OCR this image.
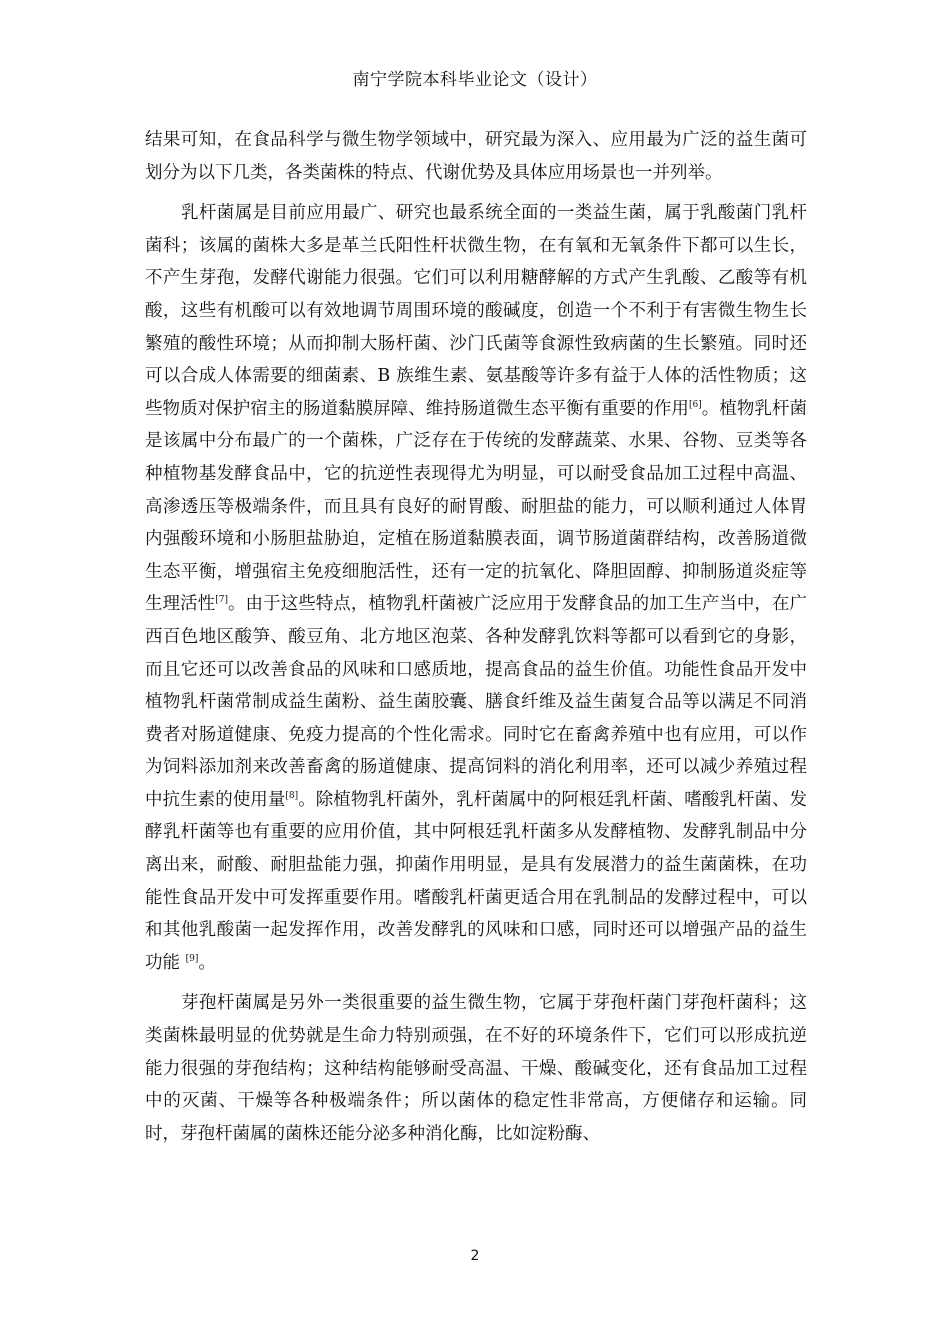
南宁学院本科毕业论文（设计）

结果可知，在食品科学与微生物学领域中，研究最为深入、应用最为广泛的益生菌可划分为以下几类，各类菌株的特点、代谢优势及具体应用场景也一并列举。

乳杆菌属是目前应用最广、研究也最系统全面的一类益生菌，属于乳酸菌门乳杆菌科；该属的菌株大多是革兰氏阳性杆状微生物，在有氧和无氧条件下都可以生长，不产生芽孢，发酵代谢能力很强。它们可以利用糖酵解的方式产生乳酸、乙酸等有机酸，这些有机酸可以有效地调节周围环境的酸碱度，创造一个不利于有害微生物生长繁殖的酸性环境；从而抑制大肠杆菌、沙门氏菌等食源性致病菌的生长繁殖。同时还可以合成人体需要的细菌素、B 族维生素、氨基酸等许多有益于人体的活性物质；这些物质对保护宿主的肠道黏膜屏障、维持肠道微生态平衡有重要的作用[6]。植物乳杆菌是该属中分布最广的一个菌株，广泛存在于传统的发酵蔬菜、水果、谷物、豆类等各种植物基发酵食品中，它的抗逆性表现得尤为明显，可以耐受食品加工过程中高温、高渗透压等极端条件，而且具有良好的耐胃酸、耐胆盐的能力，可以顺利通过人体胃内强酸环境和小肠胆盐胁迫，定植在肠道黏膜表面，调节肠道菌群结构，改善肠道微生态平衡，增强宿主免疫细胞活性，还有一定的抗氧化、降胆固醇、抑制肠道炎症等生理活性[7]。由于这些特点，植物乳杆菌被广泛应用于发酵食品的加工生产当中，在广西百色地区酸笋、酸豆角、北方地区泡菜、各种发酵乳饮料等都可以看到它的身影，而且它还可以改善食品的风味和口感质地，提高食品的益生价值。功能性食品开发中植物乳杆菌常制成益生菌粉、益生菌胶囊、膳食纤维及益生菌复合品等以满足不同消费者对肠道健康、免疫力提高的个性化需求。同时它在畜禽养殖中也有应用，可以作为饲料添加剂来改善畜禽的肠道健康、提高饲料的消化利用率，还可以减少养殖过程中抗生素的使用量[8]。除植物乳杆菌外，乳杆菌属中的阿根廷乳杆菌、嗜酸乳杆菌、发酵乳杆菌等也有重要的应用价值，其中阿根廷乳杆菌多从发酵植物、发酵乳制品中分离出来，耐酸、耐胆盐能力强，抑菌作用明显，是具有发展潜力的益生菌菌株，在功能性食品开发中可发挥重要作用。嗜酸乳杆菌更适合用在乳制品的发酵过程中，可以和其他乳酸菌一起发挥作用，改善发酵乳的风味和口感，同时还可以增强产品的益生功能 [9]。

芽孢杆菌属是另外一类很重要的益生微生物，它属于芽孢杆菌门芽孢杆菌科；这类菌株最明显的优势就是生命力特别顽强，在不好的环境条件下，它们可以形成抗逆能力很强的芽孢结构；这种结构能够耐受高温、干燥、酸碱变化，还有食品加工过程中的灭菌、干燥等各种极端条件；所以菌体的稳定性非常高，方便储存和运输。同时，芽孢杆菌属的菌株还能分泌多种消化酶，比如淀粉酶、

2
